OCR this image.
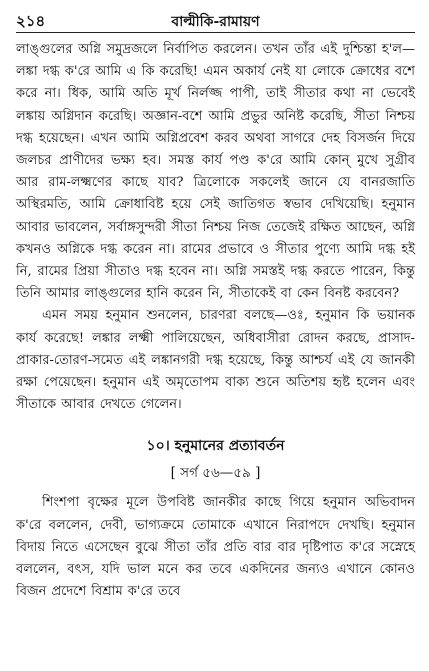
২১৪	বাল্মীকি-রামায়ণ

লাঙ্গুলের অগ্নি সমুদ্রজলে নির্বাপিত করলেন। তখন তাঁর এই দুশ্চিন্তা হ'ল— লঙ্কা দগ্ধ ক'রে আমি এ কি করেছি! এমন অকার্য নেই যা লোকে ক্রোধের বশে করে না। ধিক, আমি অতি মূর্খ নির্লজ্জ পাপী, তাই সীতার কথা না ভেবেই লঙ্কায় অগ্নিদান করেছি। অজ্ঞান-বশে আমি প্রভুর অনিষ্ট করেছি, সীতা নিশ্চয় দগ্ধ হয়েছেন। এখন আমি অগ্নিপ্রবেশ করব অথবা সাগরে দেহ বিসর্জন দিয়ে জলচর প্রাণীদের ভক্ষ্য হব। সমস্ত কার্য পণ্ড ক'রে আমি কোন্ মুখে সুগ্রীব আর রাম-লক্ষ্মণের কাছে যাব? ত্রিলোকে সকলেই জানে যে বানরজাতি অস্থিরমতি, আমি ক্রোধাবিষ্ট হয়ে সেই জাতিগত স্বভাব দেখিয়েছি। হনুমান আবার ভাবলেন, সর্বাঙ্গসুন্দরী সীতা নিশ্চয় নিজ তেজেই রক্ষিত আছেন, অগ্নি কখনও অগ্নিকে দগ্ধ করেন না। রামের প্রভাবে ও সীতার পুণ্যে আমি দগ্ধ হই নি, রামের প্রিয়া সীতাও দগ্ধ হবেন না। অগ্নি সমস্তই দগ্ধ করতে পারেন, কিন্তু তিনি আমার লাঙ্গুলের হানি করেন নি, সীতাকেই বা কেন বিনষ্ট করবেন?

এমন সময় হনুমান শুনলেন, চারণরা বলছে—ওঃ, হনুমান কি ভয়ানক কার্য করেছে! লঙ্কার লক্ষ্মী পালিয়েছেন, অধিবাসীরা রোদন করছে, প্রাসাদ-প্রাকার-তোরণ-সমেত এই লঙ্কানগরী দগ্ধ হয়েছে, কিন্তু আশ্চর্য এই যে জানকী রক্ষা পেয়েছেন। হনুমান এই অমৃতোপম বাক্য শুনে অতিশয় হৃষ্ট হলেন এবং সীতাকে আবার দেখতে গেলেন।

১০। হনুমানের প্রত্যাবর্তন
[ সর্গ ৫৬—৫৯ ]

শিংশপা বৃক্ষের মূলে উপবিষ্ট জানকীর কাছে গিয়ে হনুমান অভিবাদন ক'রে বললেন, দেবী, ভাগ্যক্রমে তোমাকে এখানে নিরাপদে দেখছি। হনুমান বিদায় নিতে এসেছেন বুঝে সীতা তাঁর প্রতি বার বার দৃষ্টিপাত ক'রে সস্নেহে বললেন, বৎস, যদি ভাল মনে কর তবে একদিনের জন্যও এখানে কোনও বিজন প্রদেশে বিশ্রাম ক'রে তবে
